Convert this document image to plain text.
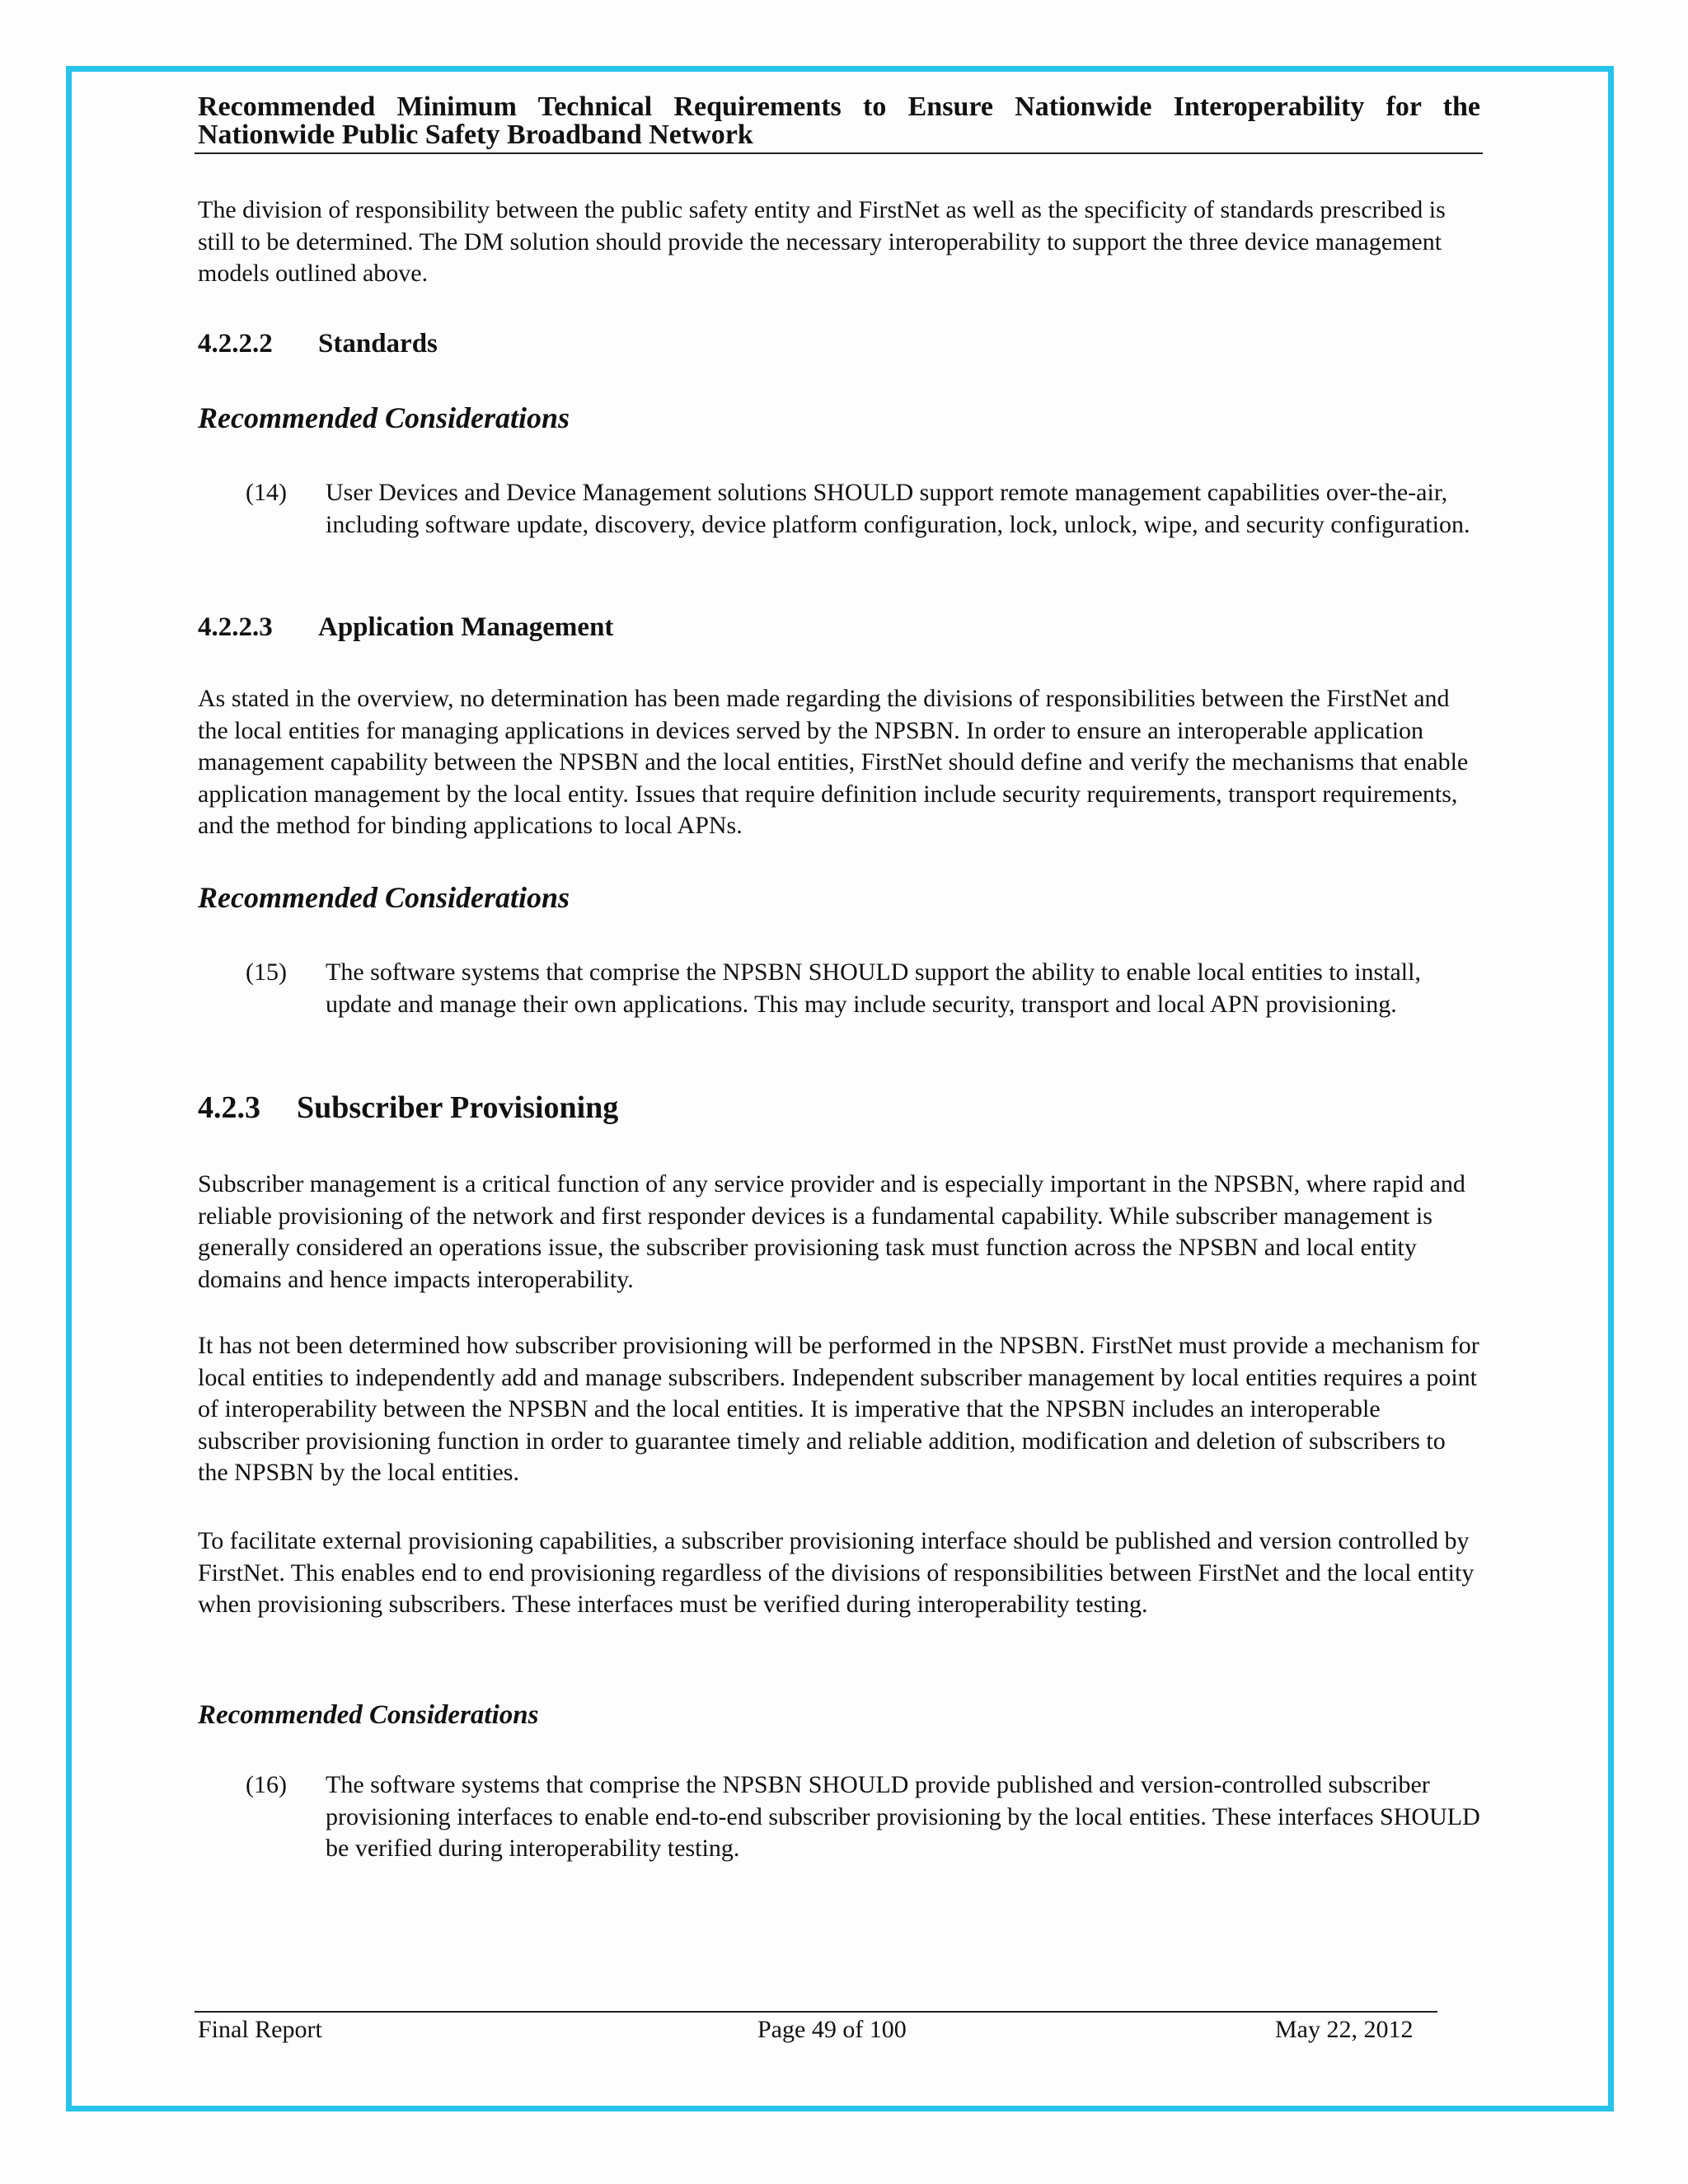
Recommended Minimum Technical Requirements to Ensure Nationwide Interoperability for the Nationwide Public Safety Broadband Network

The division of responsibility between the public safety entity and FirstNet as well as the specificity of standards prescribed is still to be determined. The DM solution should provide the necessary interoperability to support the three device management models outlined above.

4.2.2.2 Standards

Recommended Considerations

(14) User Devices and Device Management solutions SHOULD support remote management capabilities over-the-air, including software update, discovery, device platform configuration, lock, unlock, wipe, and security configuration.

4.2.2.3 Application Management

As stated in the overview, no determination has been made regarding the divisions of responsibilities between the FirstNet and the local entities for managing applications in devices served by the NPSBN. In order to ensure an interoperable application management capability between the NPSBN and the local entities, FirstNet should define and verify the mechanisms that enable application management by the local entity. Issues that require definition include security requirements, transport requirements, and the method for binding applications to local APNs.

Recommended Considerations

(15) The software systems that comprise the NPSBN SHOULD support the ability to enable local entities to install, update and manage their own applications. This may include security, transport and local APN provisioning.

4.2.3 Subscriber Provisioning

Subscriber management is a critical function of any service provider and is especially important in the NPSBN, where rapid and reliable provisioning of the network and first responder devices is a fundamental capability. While subscriber management is generally considered an operations issue, the subscriber provisioning task must function across the NPSBN and local entity domains and hence impacts interoperability.

It has not been determined how subscriber provisioning will be performed in the NPSBN. FirstNet must provide a mechanism for local entities to independently add and manage subscribers. Independent subscriber management by local entities requires a point of interoperability between the NPSBN and the local entities. It is imperative that the NPSBN includes an interoperable subscriber provisioning function in order to guarantee timely and reliable addition, modification and deletion of subscribers to the NPSBN by the local entities.

To facilitate external provisioning capabilities, a subscriber provisioning interface should be published and version controlled by FirstNet. This enables end to end provisioning regardless of the divisions of responsibilities between FirstNet and the local entity when provisioning subscribers. These interfaces must be verified during interoperability testing.

Recommended Considerations

(16) The software systems that comprise the NPSBN SHOULD provide published and version-controlled subscriber provisioning interfaces to enable end-to-end subscriber provisioning by the local entities. These interfaces SHOULD be verified during interoperability testing.
Final Report	Page 49 of 100	May 22, 2012
